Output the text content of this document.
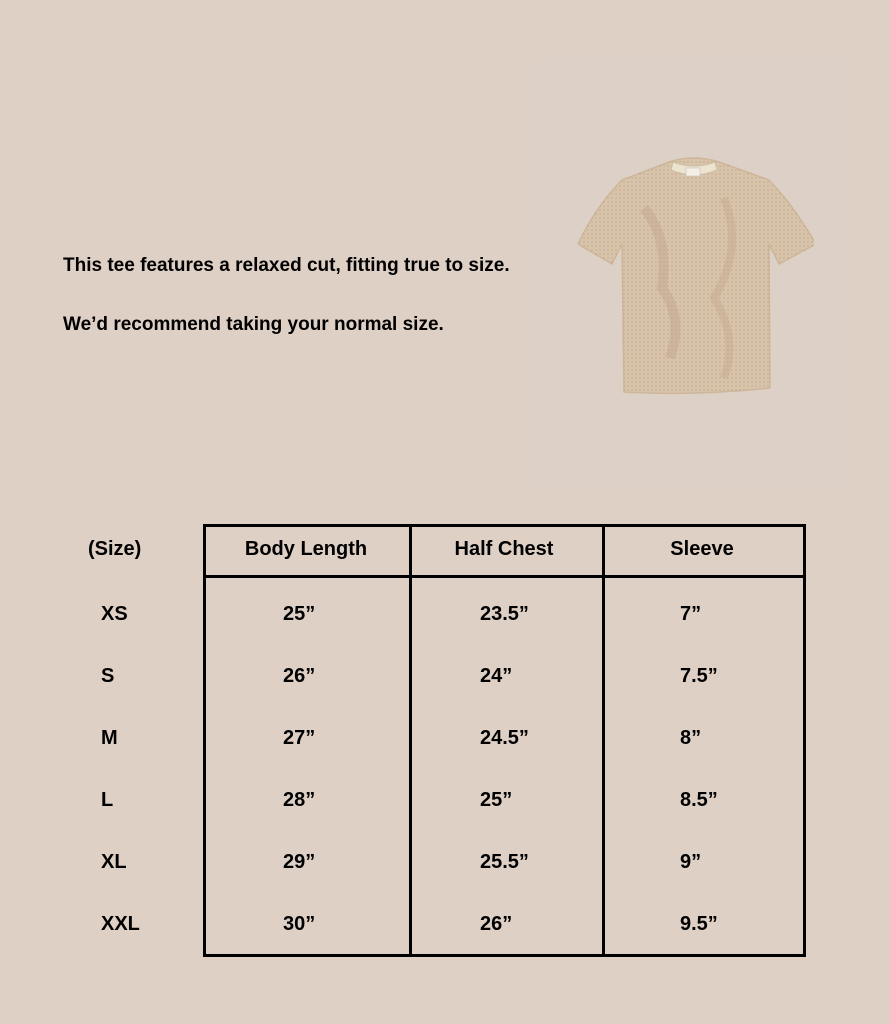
This tee features a relaxed cut, fitting true to size.
We’d recommend taking your normal size.
(Size)	Body Length	Half Chest	Sleeve
XS	25”	23.5”	7”
S	26”	24”	7.5”
M	27”	24.5”	8”
L	28”	25”	8.5”
XL	29”	25.5”	9”
XXL	30”	26”	9.5”
